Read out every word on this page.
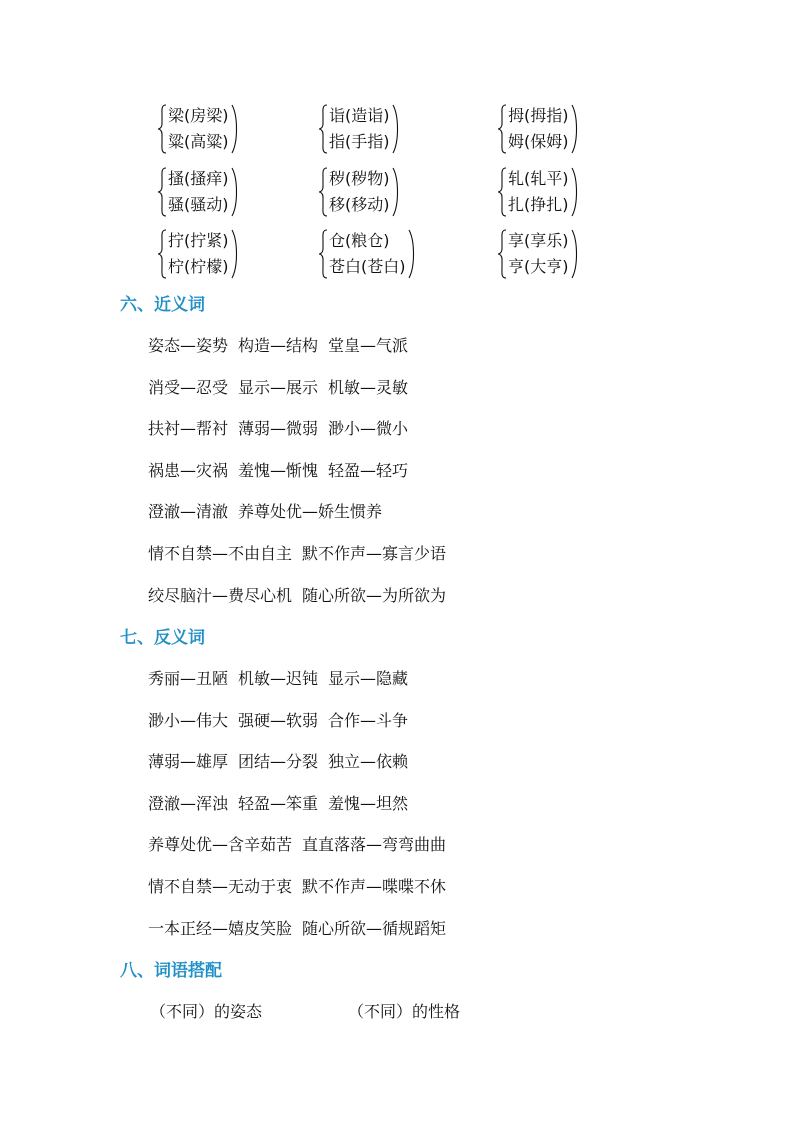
梁(房梁)
粱(高粱)
诣(造诣)
指(手指)
拇(拇指)
姆(保姆)
搔(搔痒)
骚(骚动)
秽(秽物)
移(移动)
轧(轧平)
扎(挣扎)
拧(拧紧)
柠(柠檬)
仓(粮仓)
苍白(苍白)
享(享乐)
亨(大亨)
六、近义词
姿态—姿势 构造—结构 堂皇—气派
消受—忍受 显示—展示 机敏—灵敏
扶衬—帮衬 薄弱—微弱 渺小—微小
祸患—灾祸 羞愧—惭愧 轻盈—轻巧
澄澈—清澈 养尊处优—娇生惯养
情不自禁—不由自主 默不作声—寡言少语
绞尽脑汁—费尽心机 随心所欲—为所欲为
七、反义词
秀丽—丑陋 机敏—迟钝 显示—隐藏
渺小—伟大 强硬—软弱 合作—斗争
薄弱—雄厚 团结—分裂 独立—依赖
澄澈—浑浊 轻盈—笨重 羞愧—坦然
养尊处优—含辛茹苦 直直落落—弯弯曲曲
情不自禁—无动于衷 默不作声—喋喋不休
一本正经—嬉皮笑脸 随心所欲—循规蹈矩
八、词语搭配
（不同）的姿态	（不同）的性格
